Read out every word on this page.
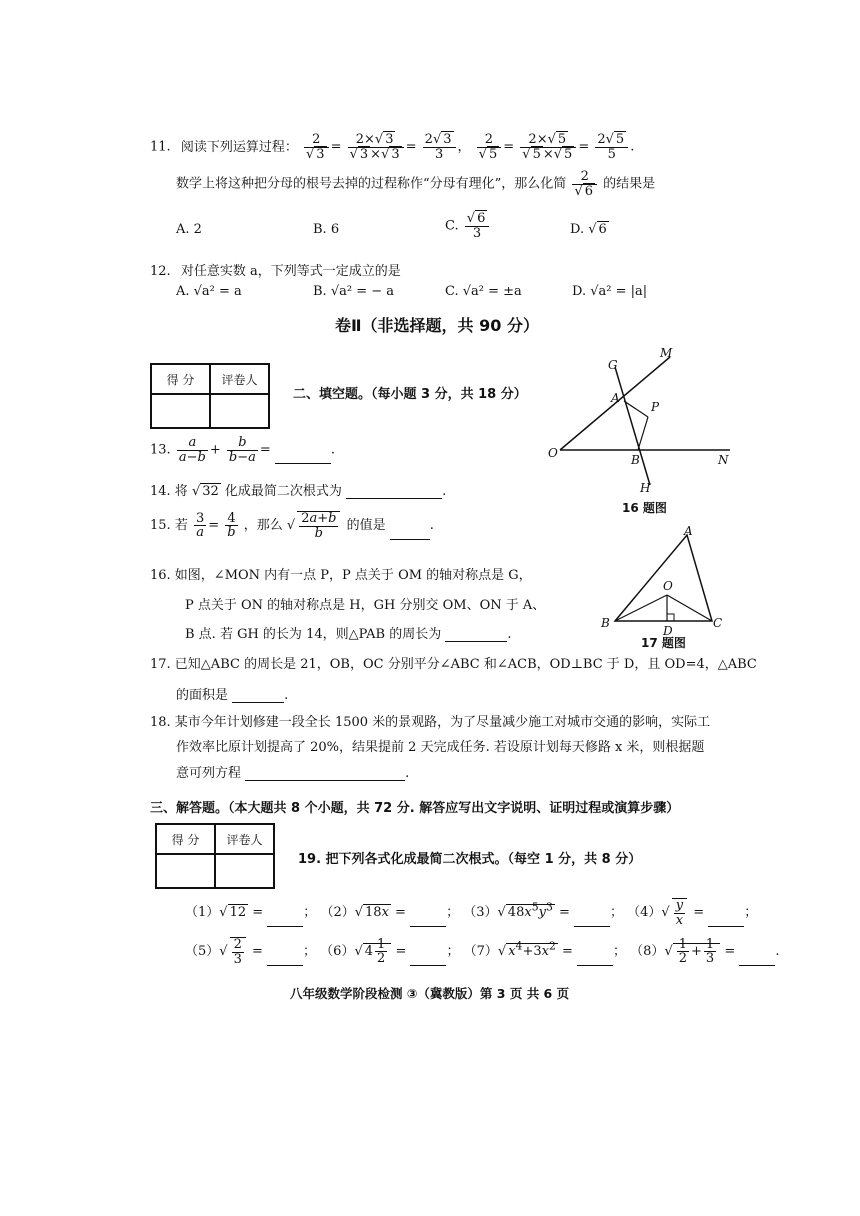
11. 阅读下列运算过程： $\frac{2}{√ 3} = \frac{2\times√ 3}{√ 3 \times√ 3} = \frac{2√ 3}{3}$ ， $\frac{2}{√ 5} = \frac{2\times√ 5}{√ 5 \times√ 5} = \frac{2√ 5}{5}$ .
数学上将这种把分母的根号去掉的过程称作“分母有理化”，那么化简 $\frac{2}{√ 6}$ 的结果是
A. 2	B. 6	C. $\frac{√ 6}{3}$	D. √ 6
12. 对任意实数 a，下列等式一定成立的是
A. √a² = a	B. √a² = − a	C. √a² = ±a	D. √a² = |a|
卷Ⅱ（非选择题，共 90 分）
得 分	评卷人

二、填空题。（每小题 3 分，共 18 分）
13. $\frac{a}{a-b} + \frac{b}{b-a}$ =	.
14. 将 √ 32 化成最简二次根式为	.
15. 若 $\frac{3}{a} = \frac{4}{b}$ ，那么 √ $\frac{2a+b}{b}$ 的值是	.
16. 如图，∠MON 内有一点 P，P 点关于 OM 的轴对称点是 G，
P 点关于 ON 的轴对称点是 H，GH 分别交 OM、ON 于 A、
B 点. 若 GH 的长为 14，则△PAB 的周长为	.
G
M
A
P
O	B	N
H
16 题图
A
O
B
D
C
17 题图
17. 已知△ABC 的周长是 21，OB，OC 分别平分∠ABC 和∠ACB，OD⊥BC 于 D，且 OD=4，△ABC
的面积是	.
18. 某市今年计划修建一段全长 1500 米的景观路，为了尽量减少施工对城市交通的影响，实际工
作效率比原计划提高了 20%，结果提前 2 天完成任务. 若设原计划每天修路 x 米，则根据题
意可列方程	.
三、解答题。（本大题共 8 个小题，共 72 分. 解答应写出文字说明、证明过程或演算步骤）
得 分	评卷人

19. 把下列各式化成最简二次根式。（每空 1 分，共 8 分）
（1）√ 12 =	； （2）√ 18x =	； （3）√ $48x^5y^3$ =	； $(4)√ \frac{y}{x}$ =	；
$(5)√ \frac{2}{3}$ =	； （6）√ $4 \frac{1}{2}$ =	； （7）√ $x^4+3x^2$ =	； $(8)√ \frac{1}{2} + \frac{1}{3}$ =	.
八年级数学阶段检测 ③（冀教版）第 3 页 共 6 页
